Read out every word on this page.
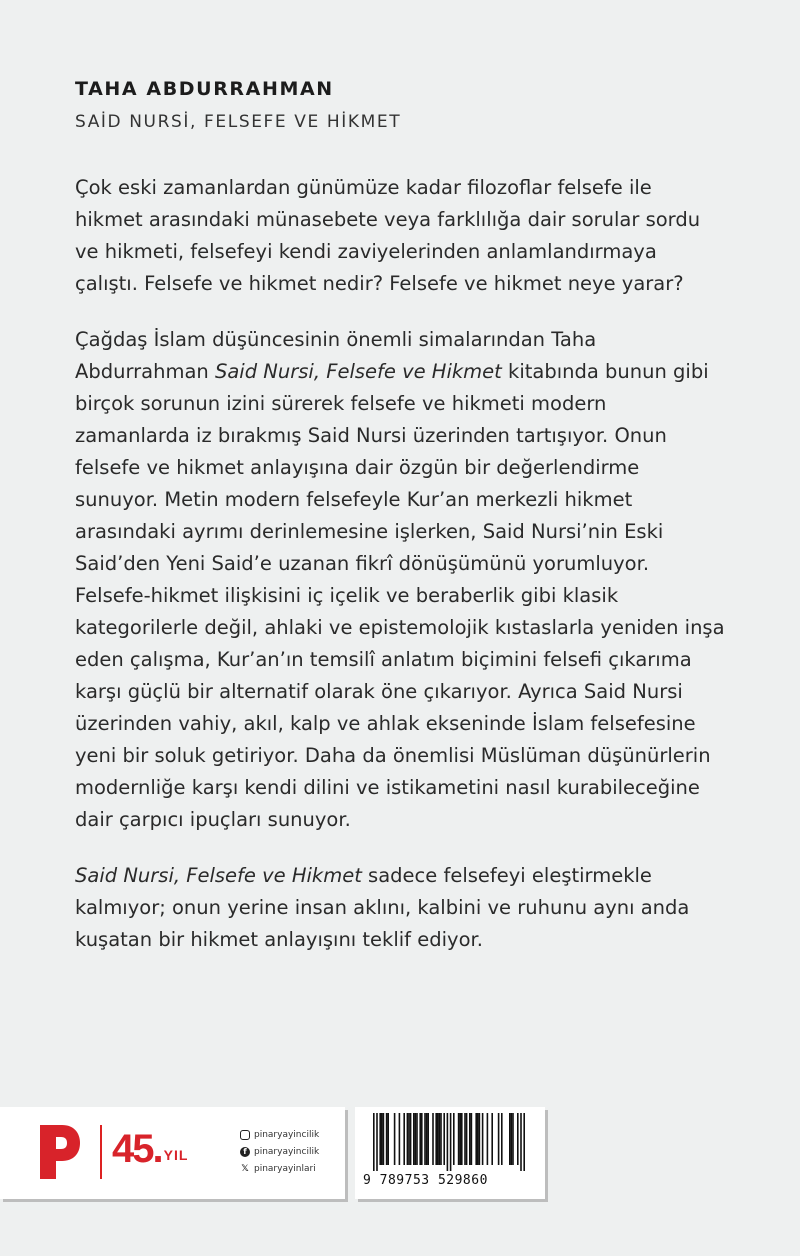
TAHA ABDURRAHMAN
SAİD NURSİ, FELSEFE VE HİKMET

Çok eski zamanlardan günümüze kadar filozoflar felsefe ile hikmet arasındaki münasebete veya farklılığa dair sorular sordu ve hikmeti, felsefeyi kendi zaviyelerinden anlamlandırmaya çalıştı. Felsefe ve hikmet nedir? Felsefe ve hikmet neye yarar?

Çağdaş İslam düşüncesinin önemli simalarından Taha Abdurrahman Said Nursi, Felsefe ve Hikmet kitabında bunun gibi birçok sorunun izini sürerek felsefe ve hikmeti modern zamanlarda iz bırakmış Said Nursi üzerinden tartışıyor. Onun felsefe ve hikmet anlayışına dair özgün bir değerlendirme sunuyor. Metin modern felsefeyle Kur’an merkezli hikmet arasındaki ayrımı derinlemesine işlerken, Said Nursi’nin Eski Said’den Yeni Said’e uzanan fikrî dönüşümünü yorumluyor. Felsefe-hikmet ilişkisini iç içelik ve beraberlik gibi klasik kategorilerle değil, ahlaki ve epistemolojik kıstaslarla yeniden inşa eden çalışma, Kur’an’ın temsilî anlatım biçimini felsefi çıkarıma karşı güçlü bir alternatif olarak öne çıkarıyor. Ayrıca Said Nursi üzerinden vahiy, akıl, kalp ve ahlak ekseninde İslam felsefesine yeni bir soluk getiriyor. Daha da önemlisi Müslüman düşünürlerin modernliğe karşı kendi dilini ve istikametini nasıl kurabileceğine dair çarpıcı ipuçları sunuyor.

Said Nursi, Felsefe ve Hikmet sadece felsefeyi eleştirmekle kalmıyor; onun yerine insan aklını, kalbini ve ruhunu aynı anda kuşatan bir hikmet anlayışını teklif ediyor.

45. YIL
pinaryayincilik
f pinaryayincilik
𝕏 pinaryayinlari
9 789753 529860
